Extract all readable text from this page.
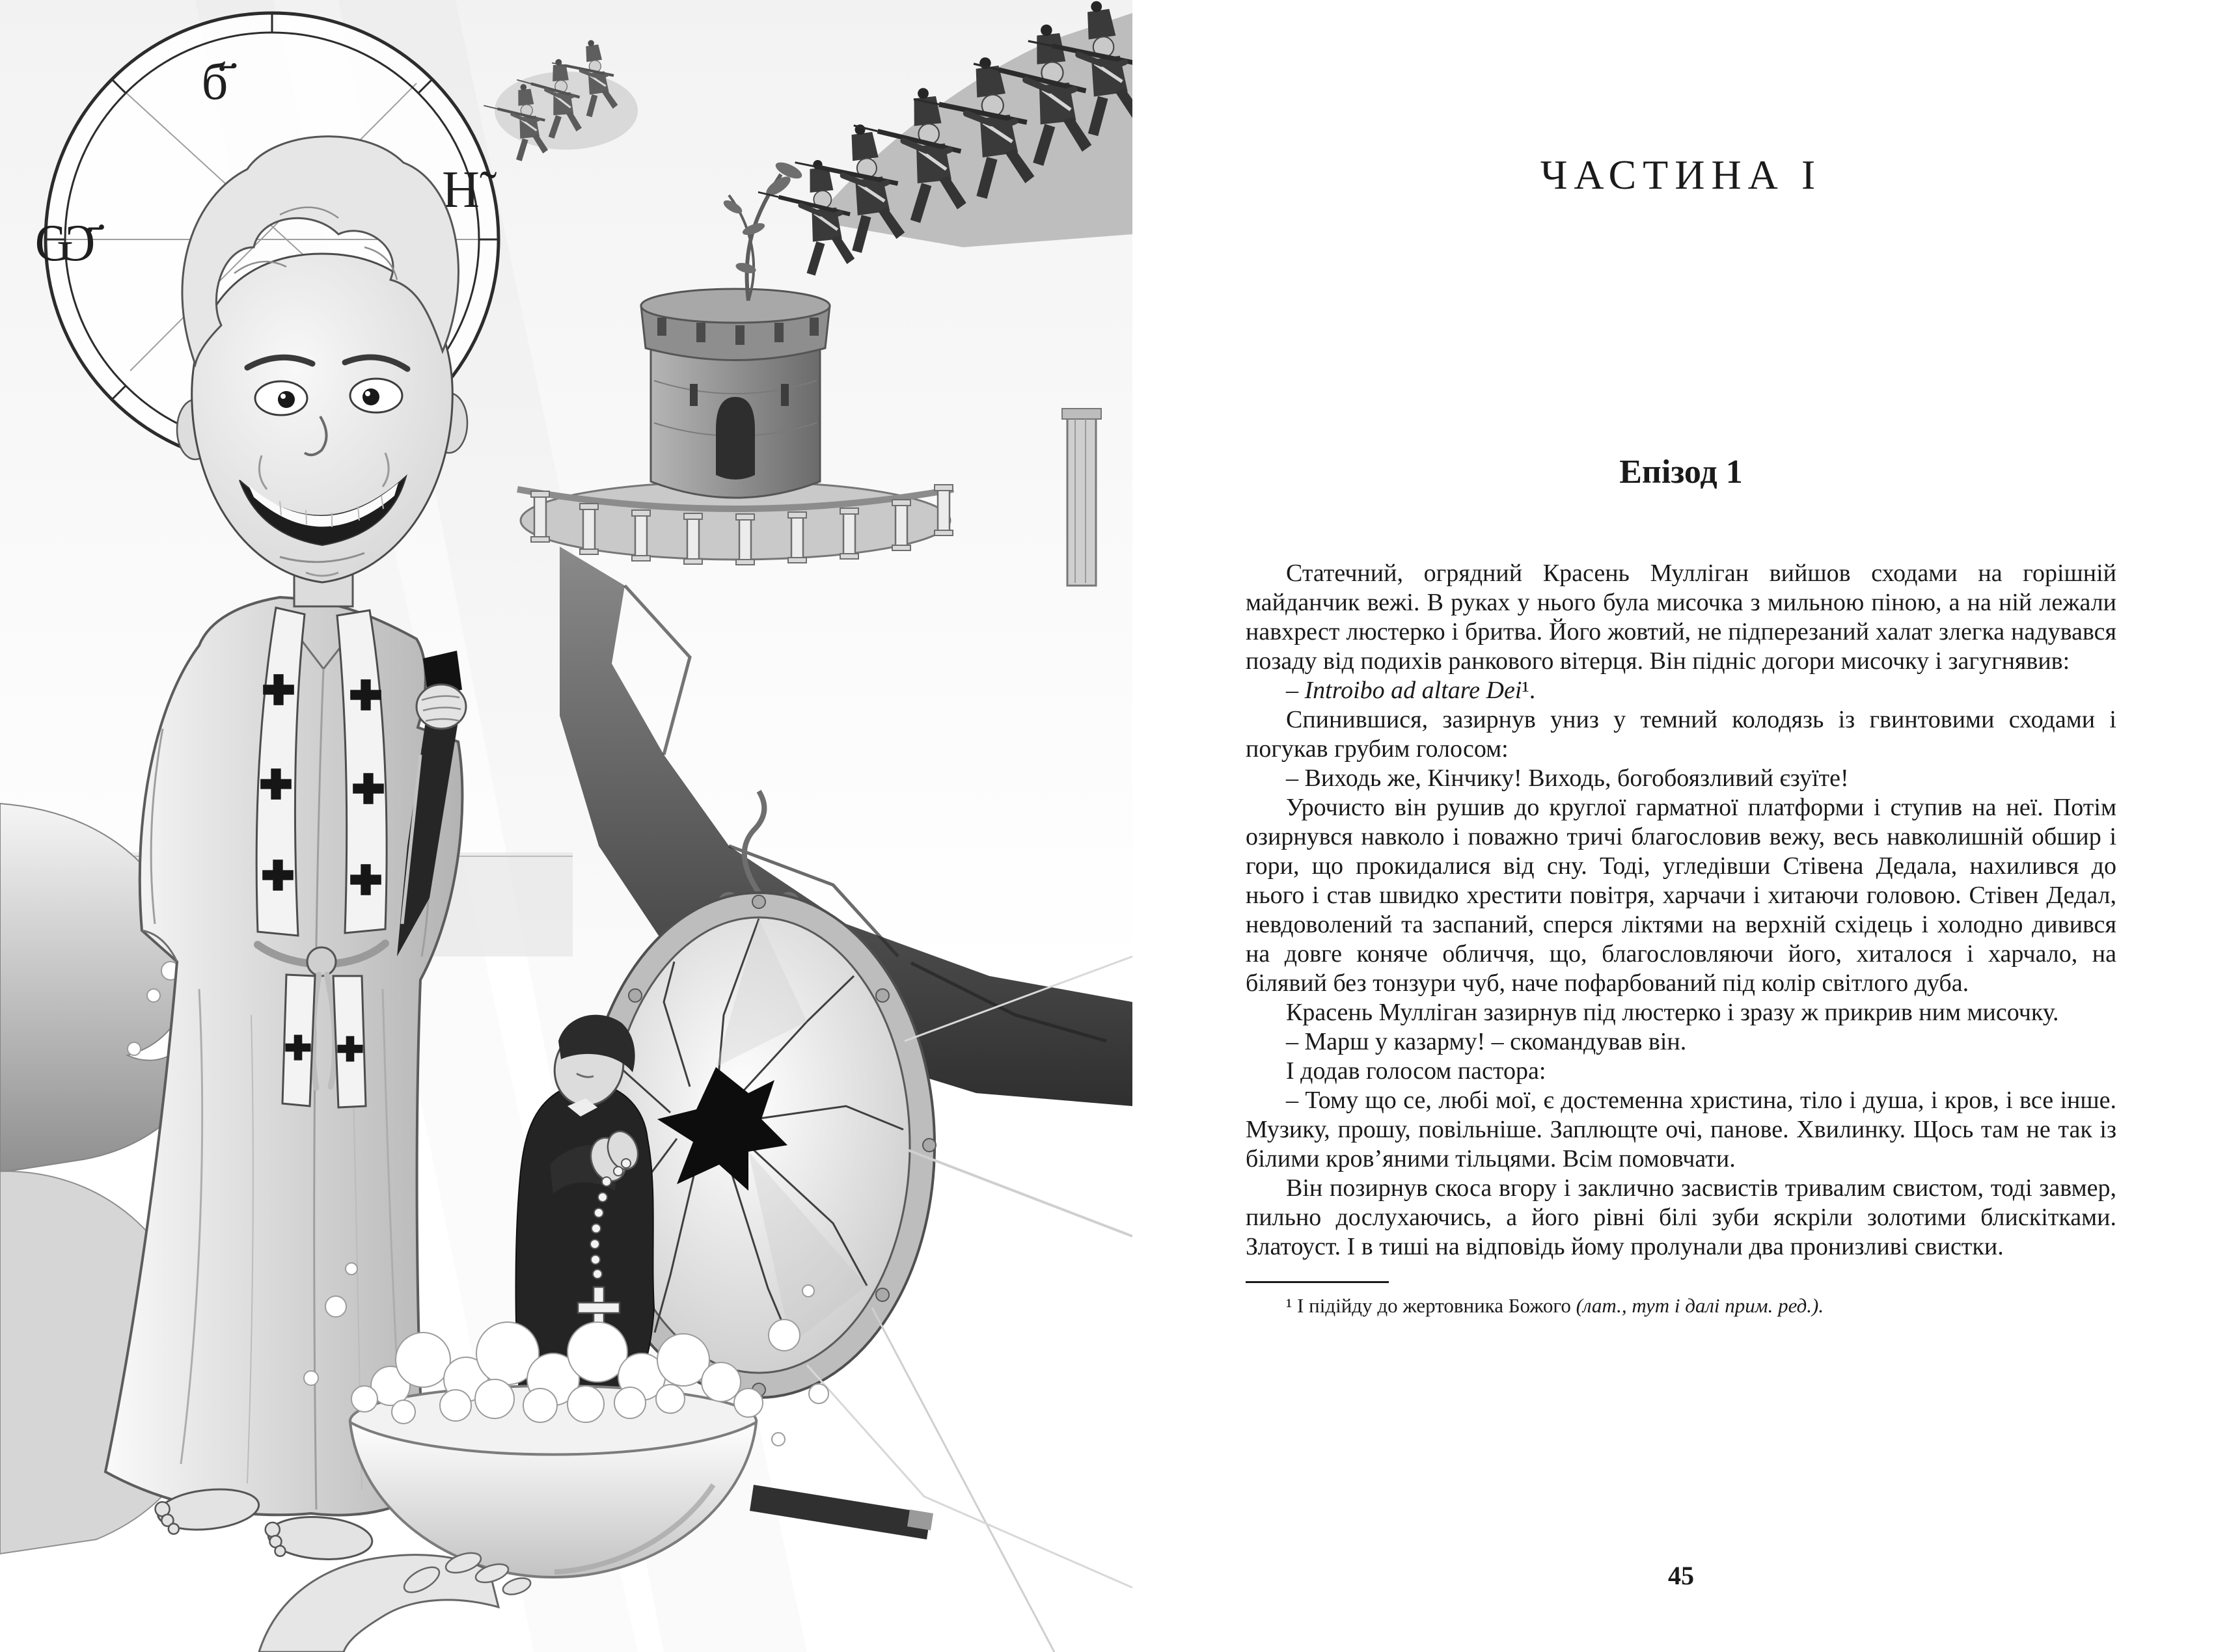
Ѡ҃
б҃
Н̃	ЧАСТИНА І
Епізод 1

Статечний, огрядний Красень Мулліган вийшов сходами на горішній майданчик вежі. В руках у нього була мисочка з мильною піною, а на ній лежали навхрест люстерко і бритва. Його жовтий, не підперезаний халат злегка надувався позаду від подихів ранкового вітерця. Він підніс догори мисочку і загугнявив:

– Introibo ad altare Dei¹.

Спинившися, зазирнув униз у темний колодязь із гвинтовими сходами і погукав грубим голосом:

– Виходь же, Кінчику! Виходь, богобоязливий єзуїте!

Урочисто він рушив до круглої гарматної платформи і ступив на неї. Потім озирнувся навколо і поважно тричі благословив вежу, весь навколишній обшир і гори, що прокидалися від сну. Тоді, угледівши Стівена Дедала, нахилився до нього і став швидко хрестити повітря, харчачи і хитаючи головою. Стівен Дедал, невдоволений та заспаний, сперся ліктями на верхній східець і холодно дивився на довге коняче обличчя, що, благословляючи його, хиталося і харчало, на білявий без тонзури чуб, наче пофарбований під колір світлого дуба.

Красень Мулліган зазирнув під люстерко і зразу ж прикрив ним мисочку.

– Марш у казарму! – скомандував він.

І додав голосом пастора:

– Тому що се, любі мої, є достеменна христина, тіло і душа, і кров, і все інше. Музику, прошу, повільніше. Заплющте очі, панове. Хвилинку. Щось там не так із білими кров’яними тільцями. Всім помовчати.

Він позирнув скоса вгору і заклично засвистів тривалим свистом, тоді завмер, пильно дослухаючись, а його рівні білі зуби яскріли золотими блискітками. Златоуст. І в тиші на відповідь йому пролунали два пронизливі свистки.

¹ І підійду до жертовника Божого (лат., тут і далі прим. ред.).

45
